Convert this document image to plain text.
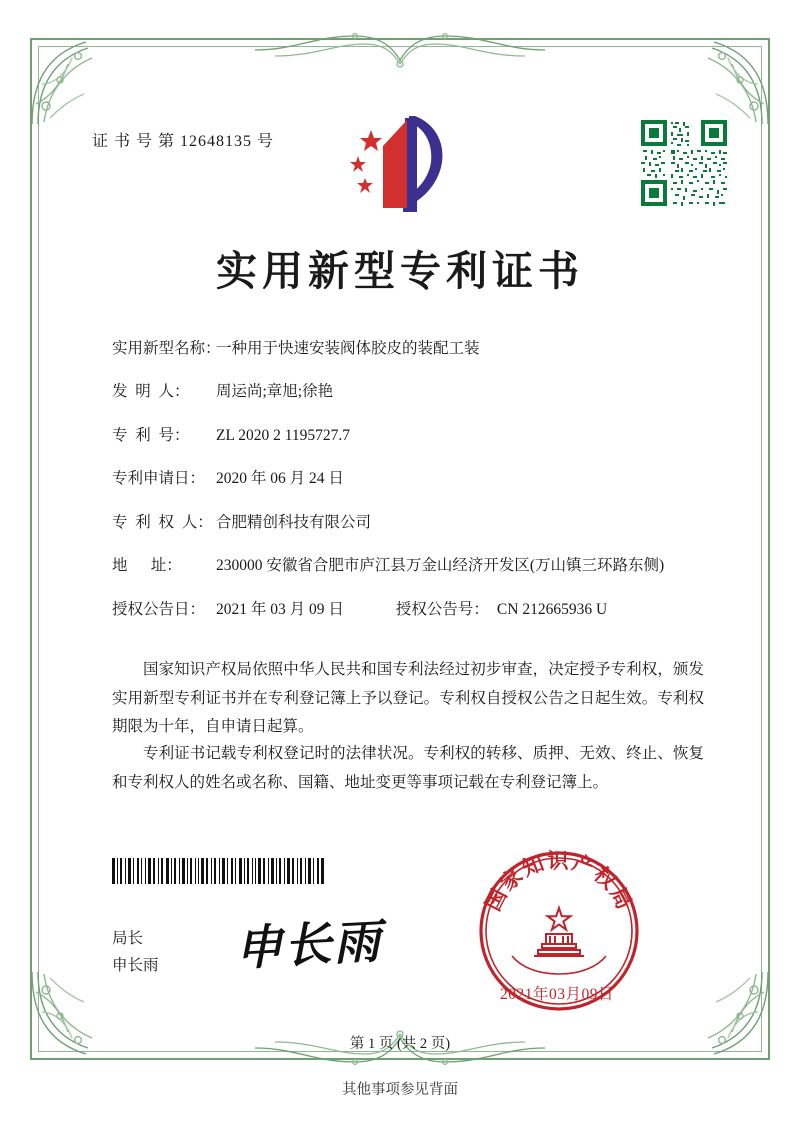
证 书 号 第 12648135 号
实用新型专利证书
实用新型名称：
一种用于快速安装阀体胶皮的装配工装
发  明  人：	周运尚;章旭;徐艳
专  利  号：	ZL 2020 2 1195727.7
专利申请日： 2020 年 06 月 24 日
专  利  权  人： 合肥精创科技有限公司
地      址：	230000 安徽省合肥市庐江县万金山经济开发区(万山镇三环路东侧)
授权公告日： 2021 年 03 月 09 日	授权公告号： CN 212665936 U
国家知识产权局依照中华人民共和国专利法经过初步审查，决定授予专利权，颁发实用新型专利证书并在专利登记簿上予以登记。专利权自授权公告之日起生效。专利权期限为十年，自申请日起算。
专利证书记载专利权登记时的法律状况。专利权的转移、质押、无效、终止、恢复和专利权人的姓名或名称、国籍、地址变更等事项记载在专利登记簿上。
局长
申长雨 申长雨
国家知识产权局
2021年03月09日
第 1 页 (共 2 页)
其他事项参见背面
